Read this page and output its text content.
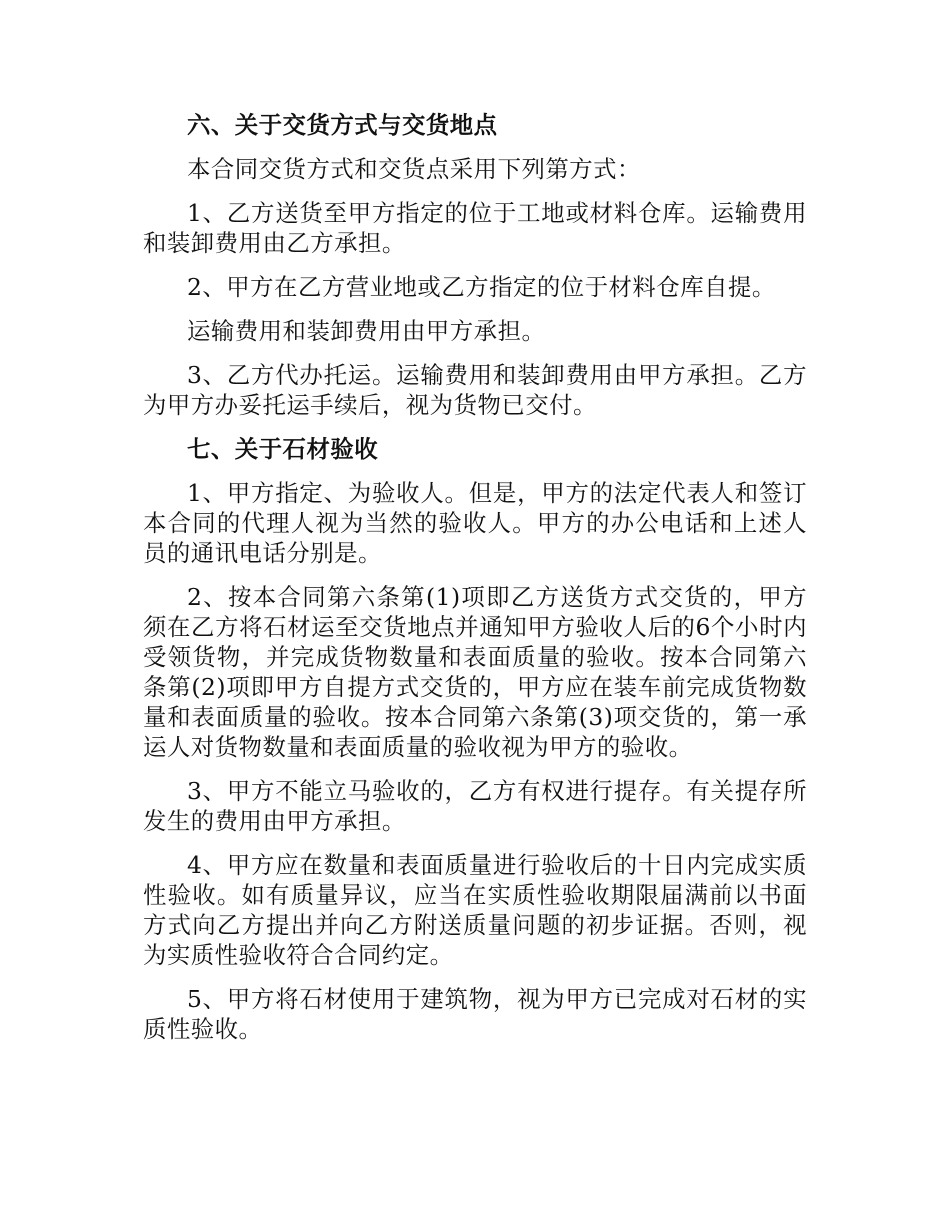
六、关于交货方式与交货地点
本合同交货方式和交货点采用下列第方式：
1、乙方送货至甲方指定的位于工地或材料仓库。运输费用和装卸费用由乙方承担。
2、甲方在乙方营业地或乙方指定的位于材料仓库自提。
运输费用和装卸费用由甲方承担。
3、乙方代办托运。运输费用和装卸费用由甲方承担。乙方为甲方办妥托运手续后，视为货物已交付。
七、关于石材验收
1、甲方指定、为验收人。但是，甲方的法定代表人和签订本合同的代理人视为当然的验收人。甲方的办公电话和上述人员的通讯电话分别是。
2、按本合同第六条第(1)项即乙方送货方式交货的，甲方须在乙方将石材运至交货地点并通知甲方验收人后的6个小时内受领货物，并完成货物数量和表面质量的验收。按本合同第六条第(2)项即甲方自提方式交货的，甲方应在装车前完成货物数量和表面质量的验收。按本合同第六条第(3)项交货的，第一承运人对货物数量和表面质量的验收视为甲方的验收。
3、甲方不能立马验收的，乙方有权进行提存。有关提存所发生的费用由甲方承担。
4、甲方应在数量和表面质量进行验收后的十日内完成实质性验收。如有质量异议，应当在实质性验收期限届满前以书面方式向乙方提出并向乙方附送质量问题的初步证据。否则，视为实质性验收符合合同约定。
5、甲方将石材使用于建筑物，视为甲方已完成对石材的实质性验收。
